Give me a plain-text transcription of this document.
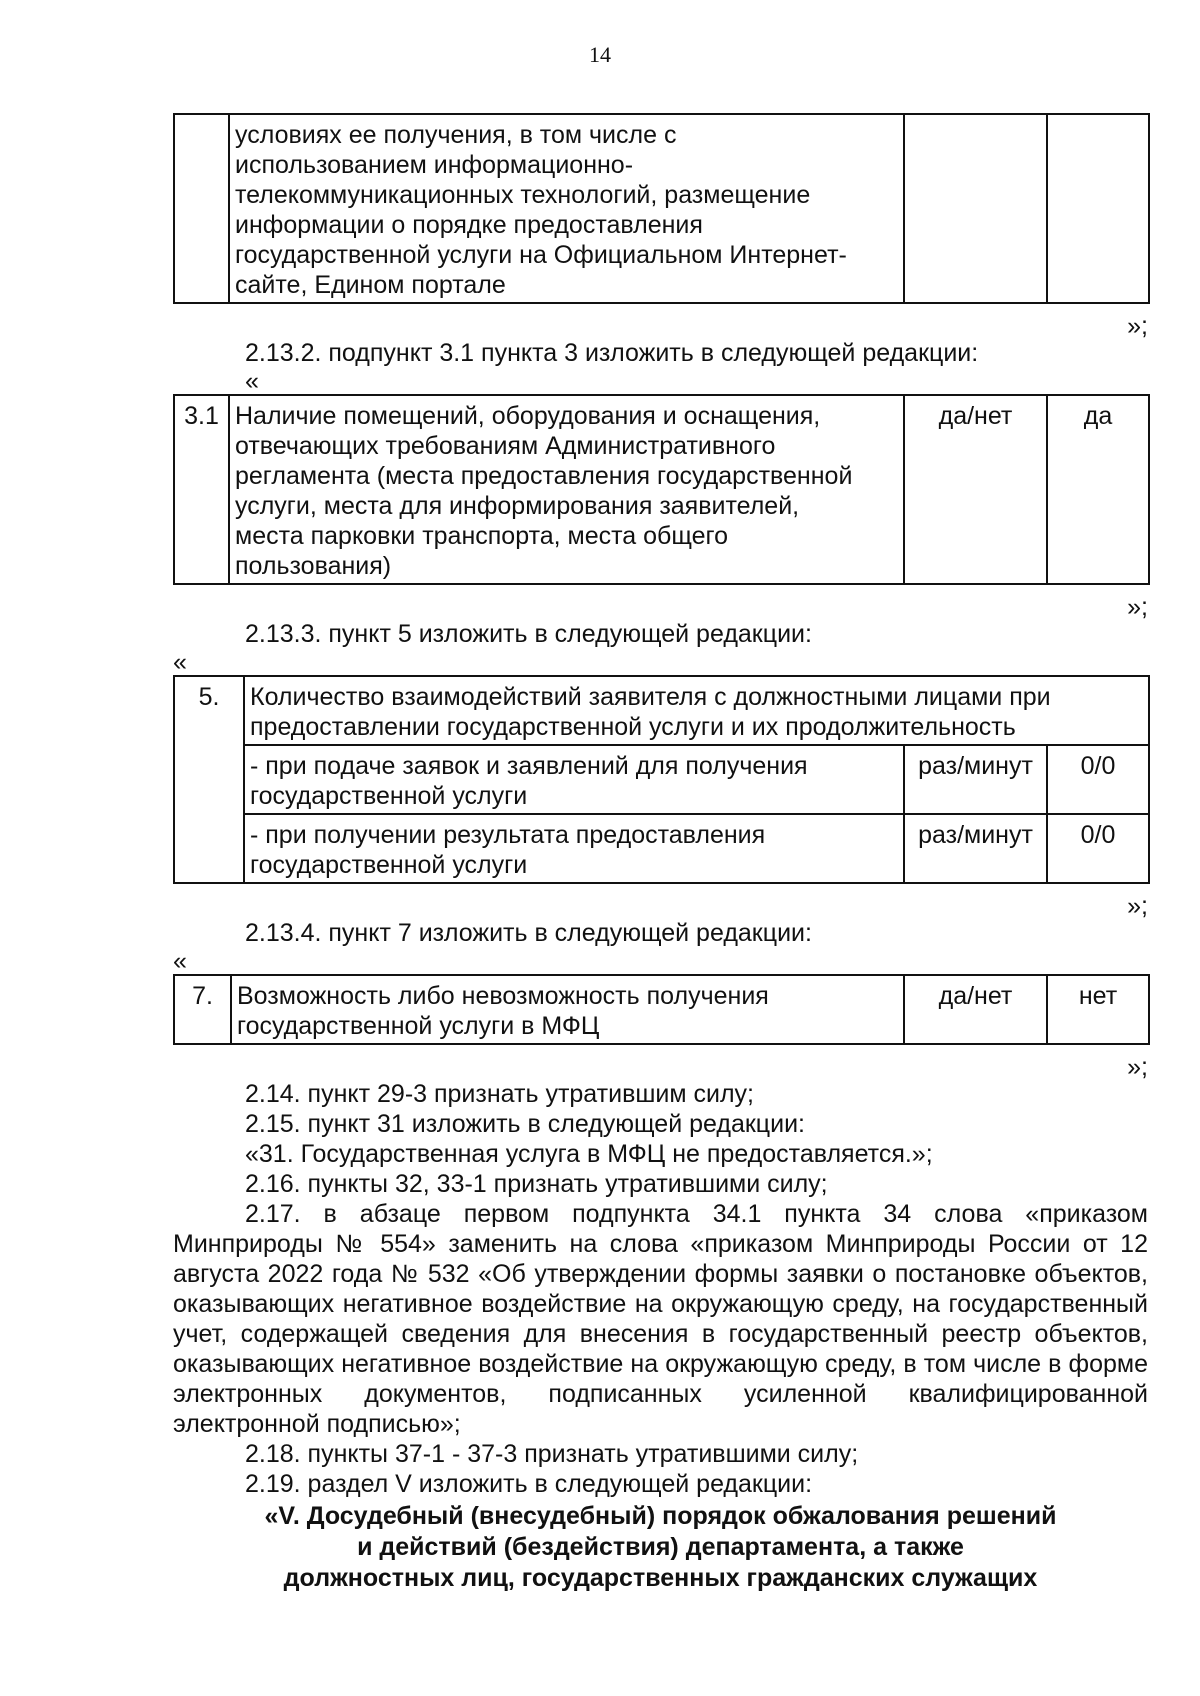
14

условиях ее получения, в том числе с
использованием информационно-
телекоммуникационных технологий, размещение
информации о порядке предоставления
государственной услуги на Официальном Интернет-
сайте, Едином портале

»;
2.13.2. подпункт 3.1 пункта 3 изложить в следующей редакции:
«
3.1	Наличие помещений, оборудования и оснащения,
отвечающих требованиям Административного
регламента (места предоставления государственной
услуги, места для информирования заявителей,
места парковки транспорта, места общего
пользования)
	да/нет	да
»;
2.13.3. пункт 5 изложить в следующей редакции:
«
5.	Количество взаимодействий заявителя с должностными лицами при
предоставлении государственной услуги и их продолжительность		

	- при подаче заявок и заявлений для получения
государственной услуги	раз/минут	0/0

	- при получении результата предоставления
государственной услуги	раз/минут	0/0
»;
2.13.4. пункт 7 изложить в следующей редакции:
«
7.	Возможность либо невозможность получения
государственной услуги в МФЦ
	да/нет	нет
»;
2.14. пункт 29-3 признать утратившим силу;
2.15. пункт 31 изложить в следующей редакции:
«31. Государственная услуга в МФЦ не предоставляется.»;
2.16. пункты 32, 33-1 признать утратившими силу;
2.17. в абзаце первом подпункта 34.1 пункта 34 слова «приказом Минприроды № 554» заменить на слова «приказом Минприроды России от 12 августа 2022 года № 532 «Об утверждении формы заявки о постановке объектов, оказывающих негативное воздействие на окружающую среду, на государственный учет, содержащей сведения для внесения в государственный реестр объектов, оказывающих негативное воздействие на окружающую среду, в том числе в форме электронных документов, подписанных усиленной квалифицированной электронной подписью»;
2.18. пункты 37-1 - 37-3 признать утратившими силу;
2.19. раздел V изложить в следующей редакции:
«V. Досудебный (внесудебный) порядок обжалования решений
и действий (бездействия) департамента, а также
должностных лиц, государственных гражданских служащих
